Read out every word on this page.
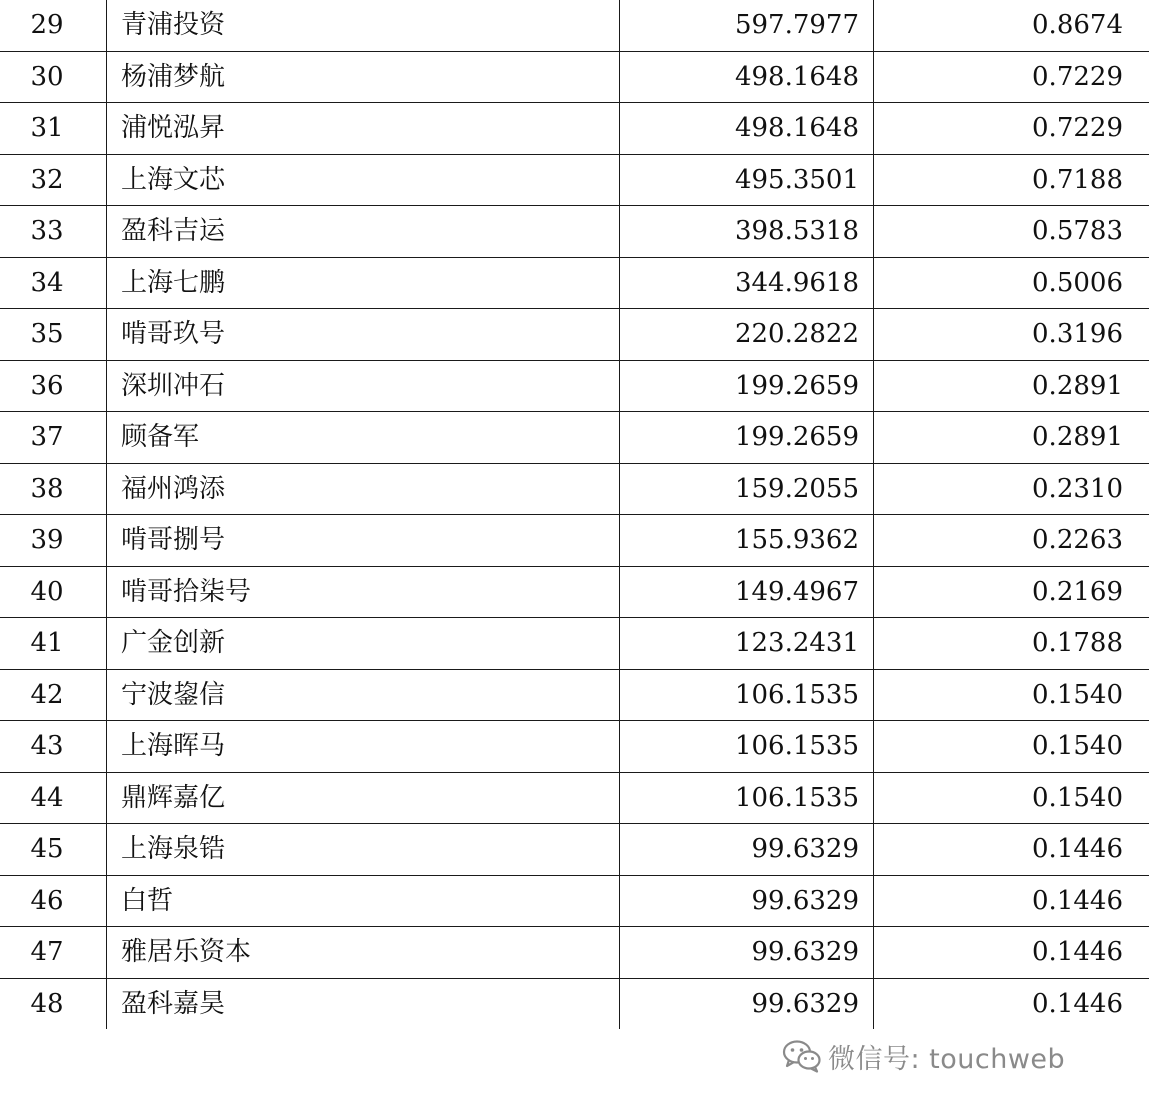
29	青浦投资	597.7977	0.8674
30	杨浦梦航	498.1648	0.7229
31	浦悦泓昇	498.1648	0.7229
32	上海文芯	495.3501	0.7188
33	盈科吉运	398.5318	0.5783
34	上海七鹏	344.9618	0.5006
35	啃哥玖号	220.2822	0.3196
36	深圳冲石	199.2659	0.2891
37	顾备军	199.2659	0.2891
38	福州鸿添	159.2055	0.2310
39	啃哥捌号	155.9362	0.2263
40	啃哥拾柒号	149.4967	0.2169
41	广金创新	123.2431	0.1788
42	宁波鋆信	106.1535	0.1540
43	上海晖马	106.1535	0.1540
44	鼎辉嘉亿	106.1535	0.1540
45	上海泉锆	99.6329	0.1446
46	白哲	99.6329	0.1446
47	雅居乐资本	99.6329	0.1446
48	盈科嘉昊	99.6329	0.1446
微信号: touchweb
